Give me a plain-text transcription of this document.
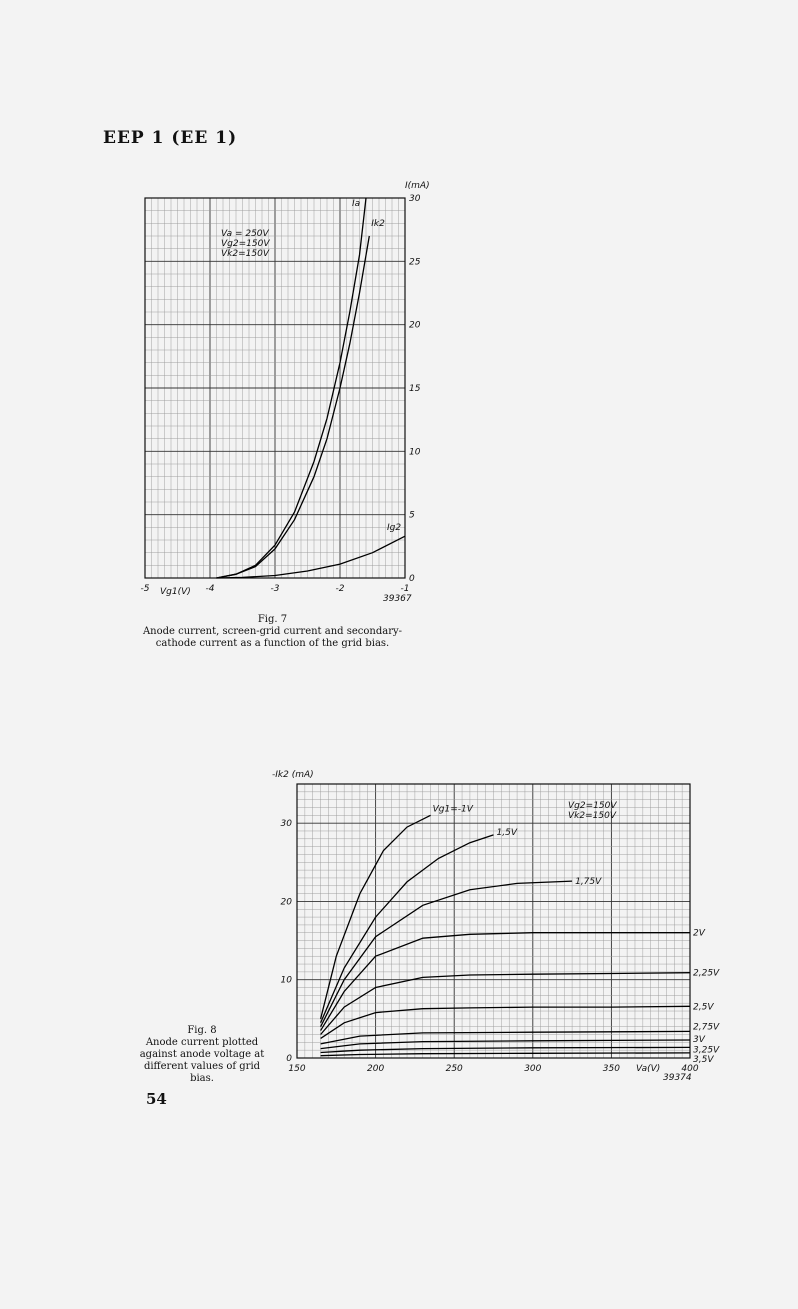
EEP 1 (EE 1)
-5	-4	-3	-2	-1
0
5
10
15
20
25
30
Vg1(V)
I(mA)
Ia
Ik2
Ig2
Va = 250V
Vg2=150V
Vk2=150V
39367
150	200	250	300	350	400
0
10
20
30
Va(V)
-Ik2 (mA)
Vg1=-1V
1,5V
1,75V
2V
2,25V
2,5V
2,75V
3V
3,25V
3,5V
Vg2=150V
Vk2=150V
39374
Fig. 7
Anode current, screen-grid current and secondary-cathode current as a function of the grid bias.
Fig. 8
Anode current plotted against anode voltage at different values of grid bias.
54
